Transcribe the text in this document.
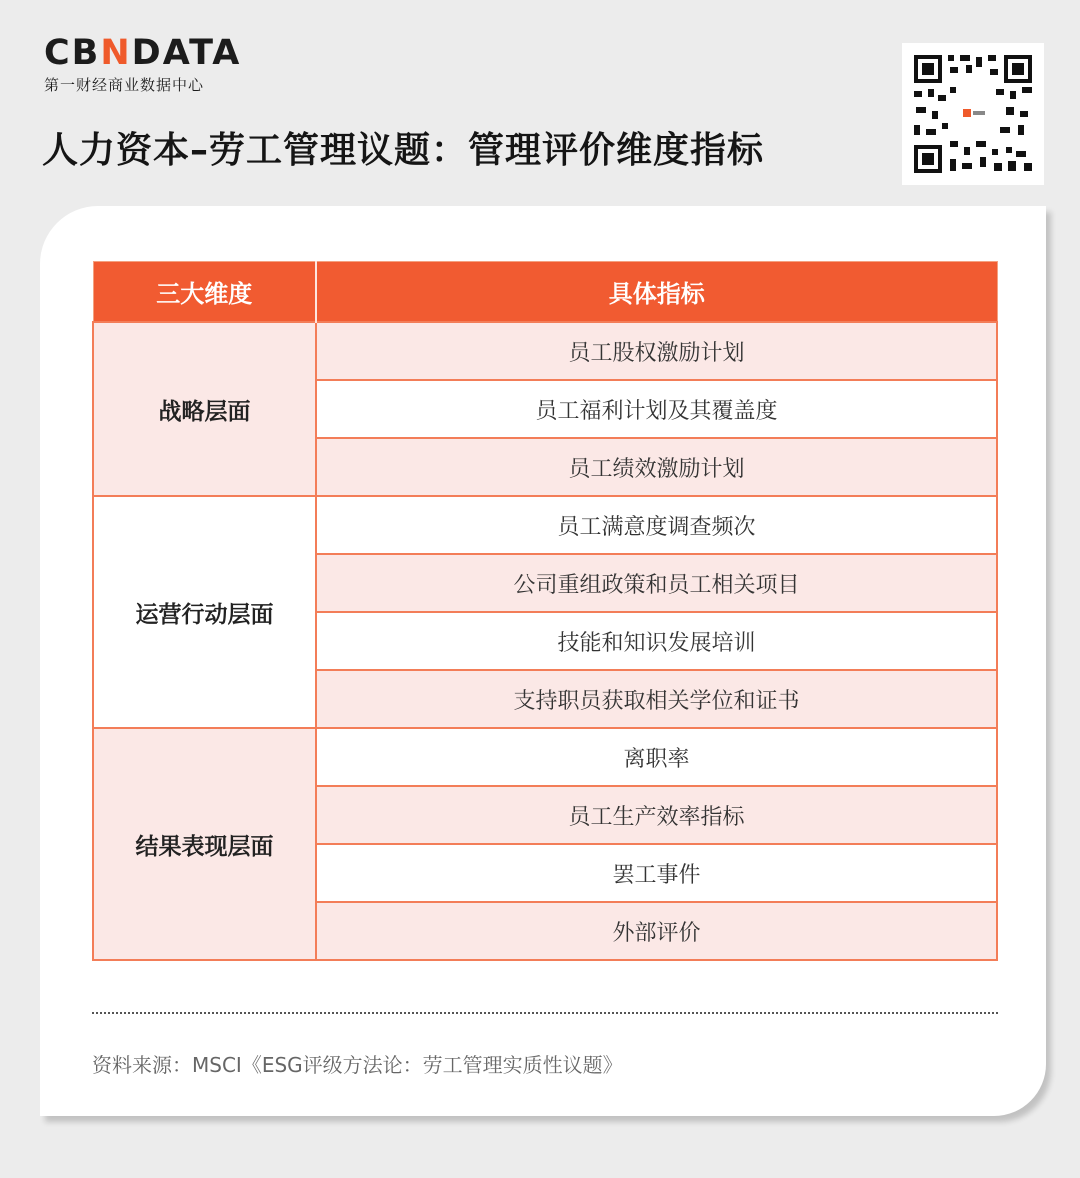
CBNDATA
第一财经商业数据中心
人力资本–劳工管理议题：管理评价维度指标
三大维度	具体指标
战略层面	员工股权激励计划
	员工福利计划及其覆盖度
	员工绩效激励计划
运营行动层面	员工满意度调查频次
	公司重组政策和员工相关项目
	技能和知识发展培训
	支持职员获取相关学位和证书
结果表现层面	离职率
	员工生产效率指标
	罢工事件
	外部评价
资料来源：MSCI《ESG评级方法论：劳工管理实质性议题》
